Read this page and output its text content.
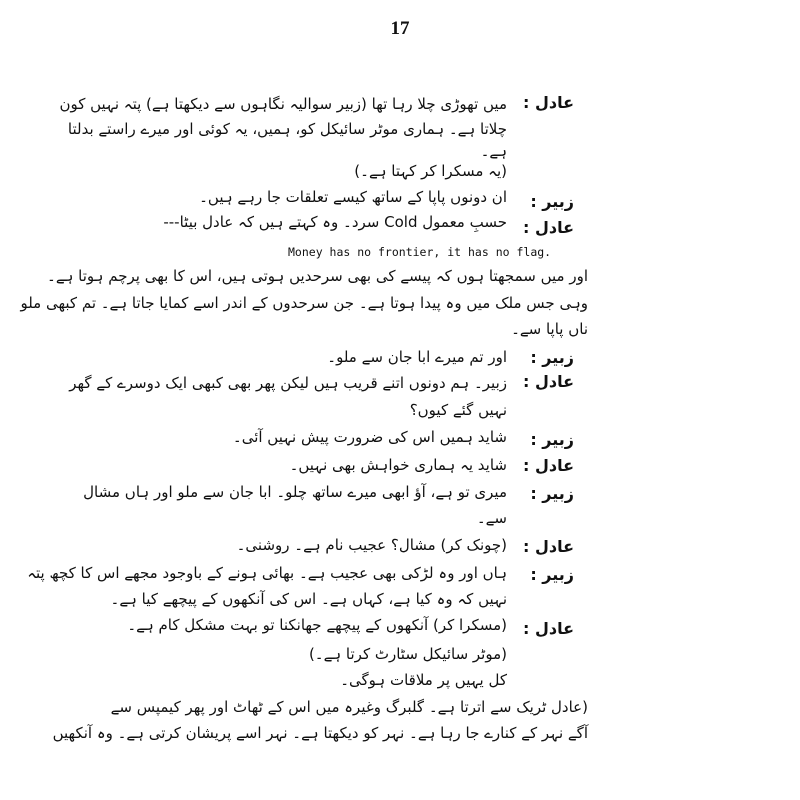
17
عادل :
زبیر :
عادل :
زبیر :
عادل :
زبیر :
عادل :
زبیر :
عادل :
زبیر :
عادل :
میں تھوڑی چلا رہا تھا (زبیر سوالیہ نگاہوں سے دیکھتا ہے) پتہ نہیں کون
چلاتا ہے۔ ہماری موٹر سائیکل کو، ہمیں، یہ کوئی اور میرے راستے بدلتا
ہے۔
(یہ مسکرا کر کہتا ہے۔)
ان دونوں پاپا کے ساتھ کیسے تعلقات جا رہے ہیں۔
حسبِ معمول Cold سرد۔ وہ کہتے ہیں کہ عادل بیٹا---
Money has no frontier, it has no flag.
اور میں سمجھتا ہوں کہ پیسے کی بھی سرحدیں ہوتی ہیں، اس کا بھی پرچم ہوتا ہے۔
وہی جس ملک میں وہ پیدا ہوتا ہے۔ جن سرحدوں کے اندر اسے کمایا جاتا ہے۔ تم کبھی ملو
ناں پاپا سے۔
اور تم میرے ابا جان سے ملو۔
زبیر۔ ہم دونوں اتنے قریب ہیں لیکن پھر بھی کبھی ایک دوسرے کے گھر
نہیں گئے کیوں؟
شاید ہمیں اس کی ضرورت پیش نہیں آئی۔
شاید یہ ہماری خواہش بھی نہیں۔
میری تو ہے، آؤ ابھی میرے ساتھ چلو۔ ابا جان سے ملو اور ہاں مشال
سے۔
(چونک کر) مشال؟ عجیب نام ہے۔ روشنی۔
ہاں اور وہ لڑکی بھی عجیب ہے۔ بھائی ہونے کے باوجود مجھے اس کا کچھ پتہ
نہیں کہ وہ کیا ہے، کہاں ہے۔ اس کی آنکھوں کے پیچھے کیا ہے۔
(مسکرا کر) آنکھوں کے پیچھے جھانکنا تو بہت مشکل کام ہے۔
(موٹر سائیکل سٹارٹ کرتا ہے۔)
کل یہیں پر ملاقات ہوگی۔
(عادل ٹریک سے اترتا ہے۔ گلبرگ وغیرہ میں اس کے ٹھاٹ اور پھر کیمپس سے
آگے نہر کے کنارے جا رہا ہے۔ نہر کو دیکھتا ہے۔ نہر اسے پریشان کرتی ہے۔ وہ آنکھیں
